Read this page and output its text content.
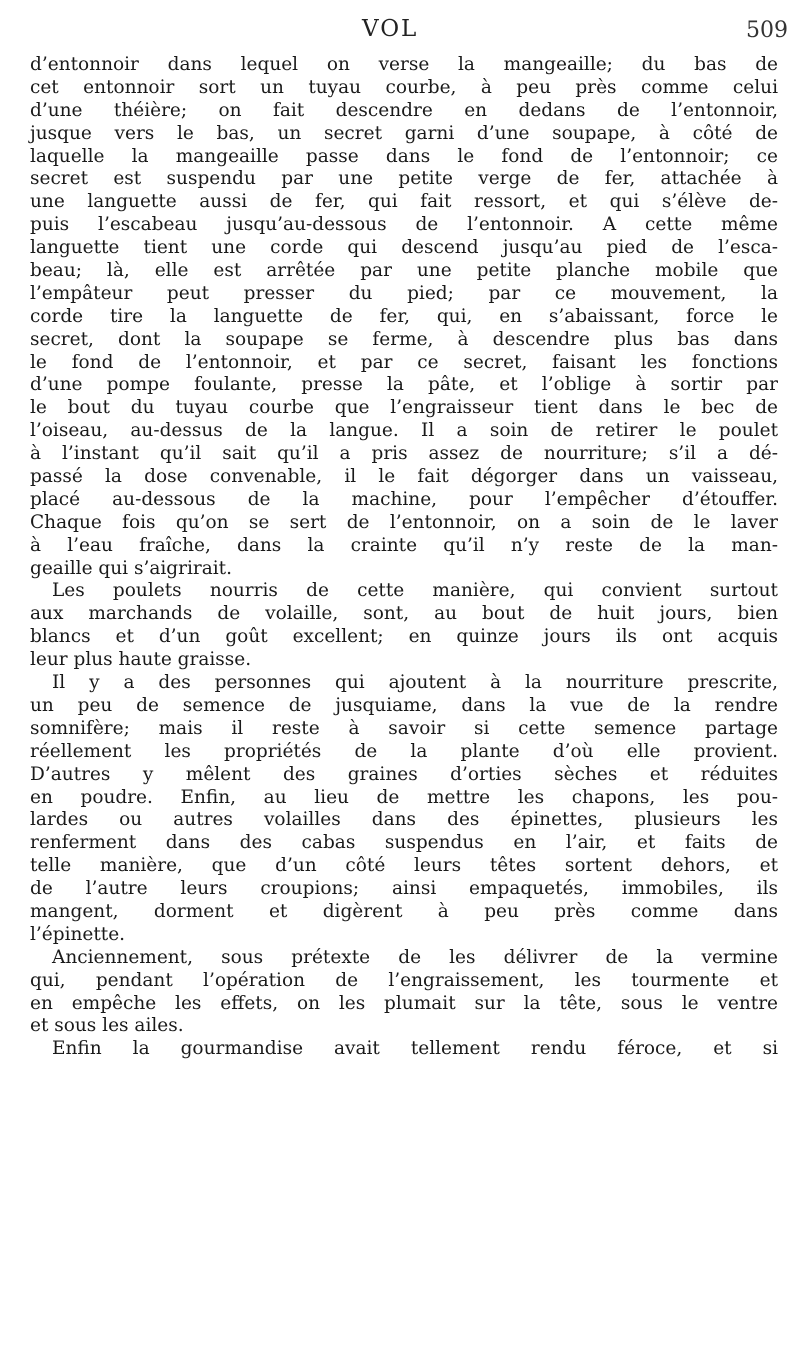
VOL	509
d’entonnoir dans lequel on verse la mangeaille; du bas de
cet entonnoir sort un tuyau courbe, à peu près comme celui
d’une théière; on fait descendre en dedans de l’entonnoir,
jusque vers le bas, un secret garni d’une soupape, à côté de
laquelle la mangeaille passe dans le fond de l’entonnoir; ce
secret est suspendu par une petite verge de fer, attachée à
une languette aussi de fer, qui fait ressort, et qui s’élève de-
puis l’escabeau jusqu’au-dessous de l’entonnoir. A cette même
languette tient une corde qui descend jusqu’au pied de l’esca-
beau; là, elle est arrêtée par une petite planche mobile que
l’empâteur peut presser du pied; par ce mouvement, la
corde tire la languette de fer, qui, en s’abaissant, force le
secret, dont la soupape se ferme, à descendre plus bas dans
le fond de l’entonnoir, et par ce secret, faisant les fonctions
d’une pompe foulante, presse la pâte, et l’oblige à sortir par
le bout du tuyau courbe que l’engraisseur tient dans le bec de
l’oiseau, au-dessus de la langue. Il a soin de retirer le poulet
à l’instant qu’il sait qu’il a pris assez de nourriture; s’il a dé-
passé la dose convenable, il le fait dégorger dans un vaisseau,
placé au-dessous de la machine, pour l’empêcher d’étouffer.
Chaque fois qu’on se sert de l’entonnoir, on a soin de le laver
à l’eau fraîche, dans la crainte qu’il n’y reste de la man-
geaille qui s’aigrirait.
Les poulets nourris de cette manière, qui convient surtout
aux marchands de volaille, sont, au bout de huit jours, bien
blancs et d’un goût excellent; en quinze jours ils ont acquis
leur plus haute graisse.
Il y a des personnes qui ajoutent à la nourriture prescrite,
un peu de semence de jusquiame, dans la vue de la rendre
somnifère; mais il reste à savoir si cette semence partage
réellement les propriétés de la plante d’où elle provient.
D’autres y mêlent des graines d’orties sèches et réduites
en poudre. Enfin, au lieu de mettre les chapons, les pou-
lardes ou autres volailles dans des épinettes, plusieurs les
renferment dans des cabas suspendus en l’air, et faits de
telle manière, que d’un côté leurs têtes sortent dehors, et
de l’autre leurs croupions; ainsi empaquetés, immobiles, ils
mangent, dorment et digèrent à peu près comme dans
l’épinette.
Anciennement, sous prétexte de les délivrer de la vermine
qui, pendant l’opération de l’engraissement, les tourmente et
en empêche les effets, on les plumait sur la tête, sous le ventre
et sous les ailes.
Enfin la gourmandise avait tellement rendu féroce, et si
